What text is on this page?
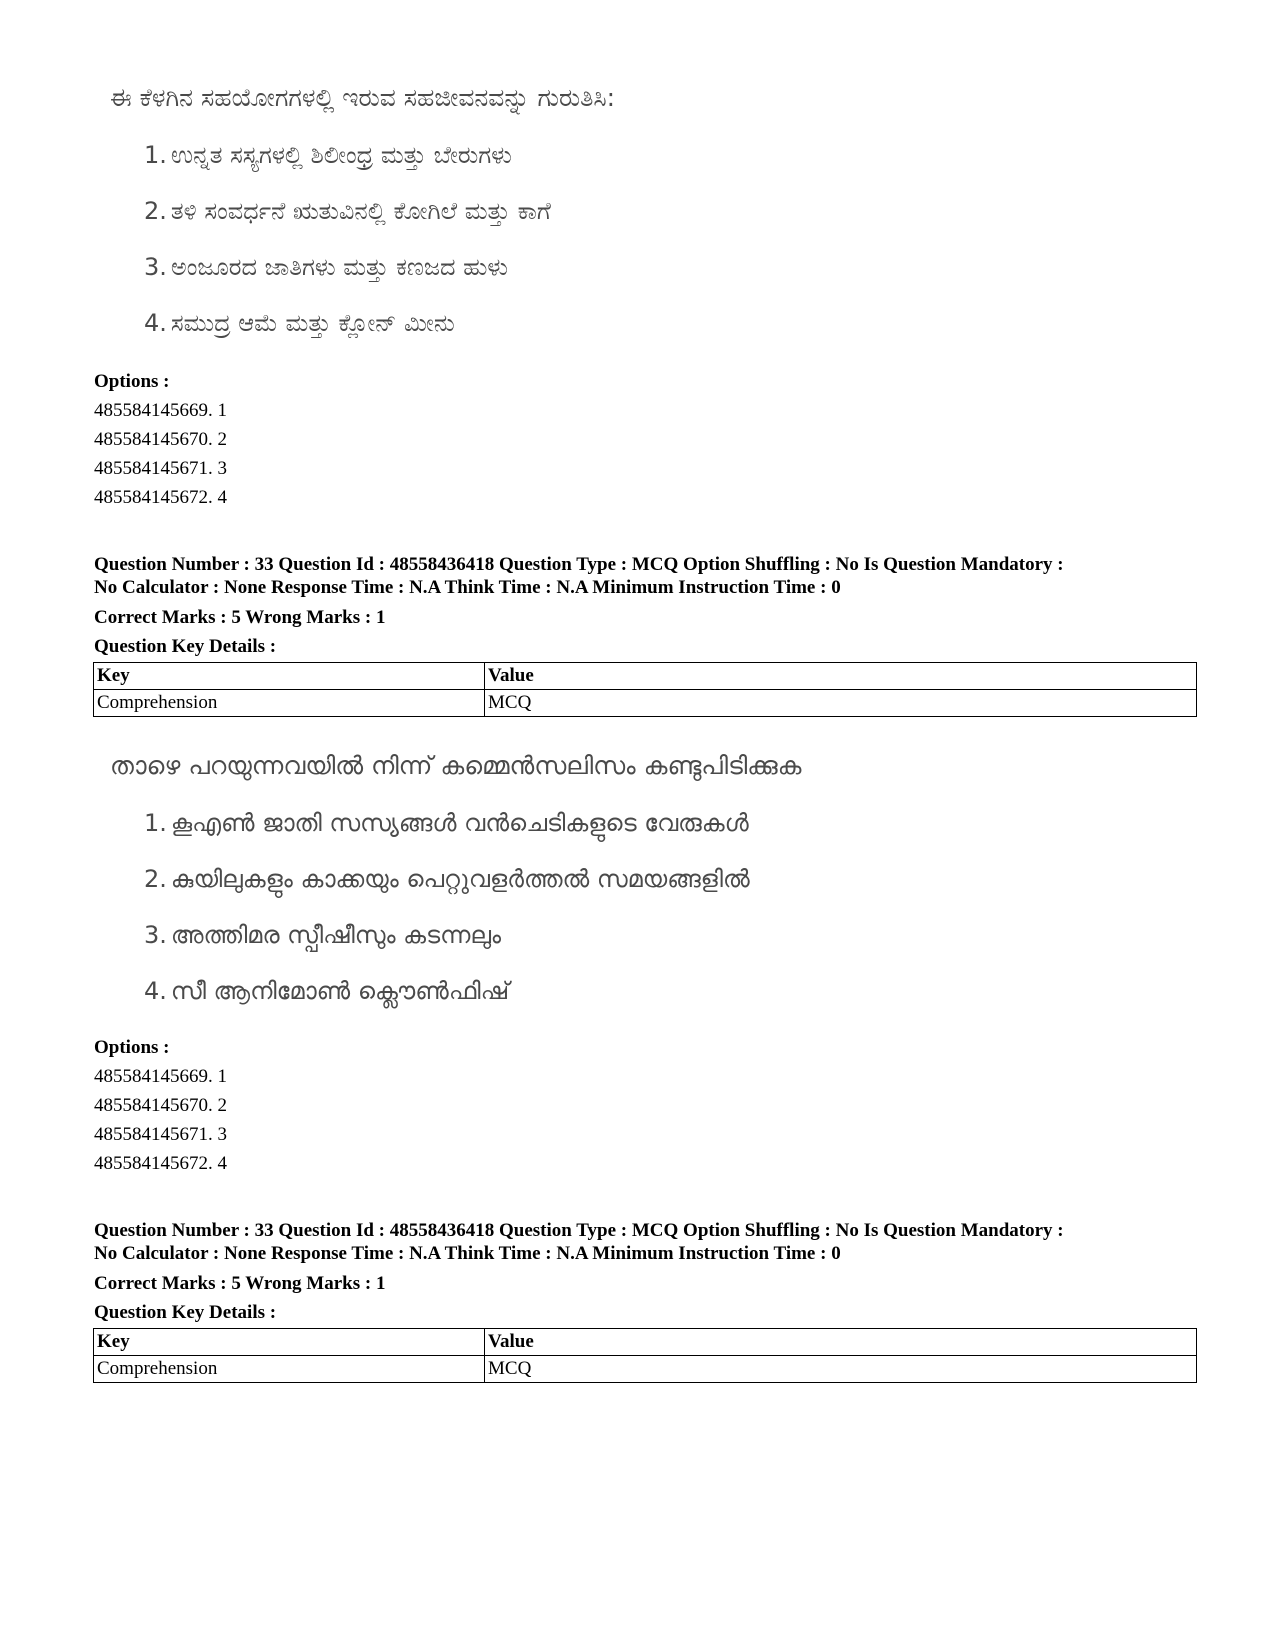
ಈ ಕೆಳಗಿನ ಸಹಯೋಗಗಳಲ್ಲಿ ಇರುವ ಸಹಜೀವನವನ್ನು ಗುರುತಿಸಿ:

1. ಉನ್ನತ ಸಸ್ಯಗಳಲ್ಲಿ ಶಿಲೀಂಧ್ರ ಮತ್ತು ಬೇರುಗಳು
2. ತಳಿ ಸಂವರ್ಧನೆ ಋತುವಿನಲ್ಲಿ ಕೋಗಿಲೆ ಮತ್ತು ಕಾಗೆ
3. ಅಂಜೂರದ ಜಾತಿಗಳು ಮತ್ತು ಕಣಜದ ಹುಳು
4. ಸಮುದ್ರ ಆಮೆ ಮತ್ತು ಕ್ಲೋನ್ ಮೀನು
Options :
485584145669. 1
485584145670. 2
485584145671. 3
485584145672. 4
Question Number : 33 Question Id : 48558436418 Question Type : MCQ Option Shuffling : No Is Question Mandatory :
No Calculator : None Response Time : N.A Think Time : N.A Minimum Instruction Time : 0
Correct Marks : 5 Wrong Marks : 1
Question Key Details :
Key	Value
Comprehension	MCQ

താഴെ പറയുന്നവയിൽ നിന്ന് കമ്മെൻസലിസം കണ്ടുപിടിക്കുക

1. കൂഎൺ ജാതി സസ്യങ്ങൾ വൻചെടികളുടെ വേരുകൾ
2. കുയിലുകളും കാക്കയും പെറ്റുവളർത്തൽ സമയങ്ങളിൽ
3. അത്തിമര സ്പീഷീസും കടന്നലും
4. സീ ആനിമോൺ ക്ലൌൺഫിഷ്
Options :
485584145669. 1
485584145670. 2
485584145671. 3
485584145672. 4
Question Number : 33 Question Id : 48558436418 Question Type : MCQ Option Shuffling : No Is Question Mandatory :
No Calculator : None Response Time : N.A Think Time : N.A Minimum Instruction Time : 0
Correct Marks : 5 Wrong Marks : 1
Question Key Details :
Key	Value
Comprehension	MCQ
